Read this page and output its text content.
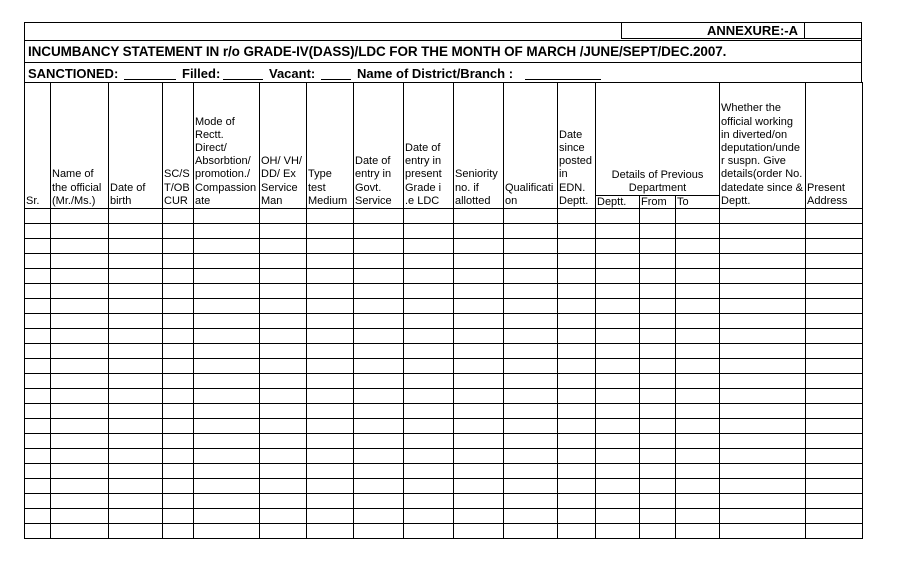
ANNEXURE:-A
INCUMBANCY STATEMENT IN r/o GRADE-IV(DASS)/LDC FOR THE MONTH OF MARCH /JUNE/SEPT/DEC.2007.
SANCTIONED:	Filled:	Vacant:	Name of District/Branch :
Sr.	Name of the official (Mr./Ms.)	Date of birth	SC/S T/OB CUR	Mode of Rectt. Direct/ Absorbtion/ promotion./ Compassion ate	OH/ VH/ DD/ Ex Service Man	Type test Medium	Date of entry in Govt. Service	Date of entry in present Grade i .e LDC	Seniority no. if allotted	Qualificati on	Date since posted in EDN. Deptt.	Details of Previous Department			Whether the official working in diverted/on deputation/unde r suspn. Give details(order No. datedate since & Deptt.	Present Address
												Deptt.	From	To		
